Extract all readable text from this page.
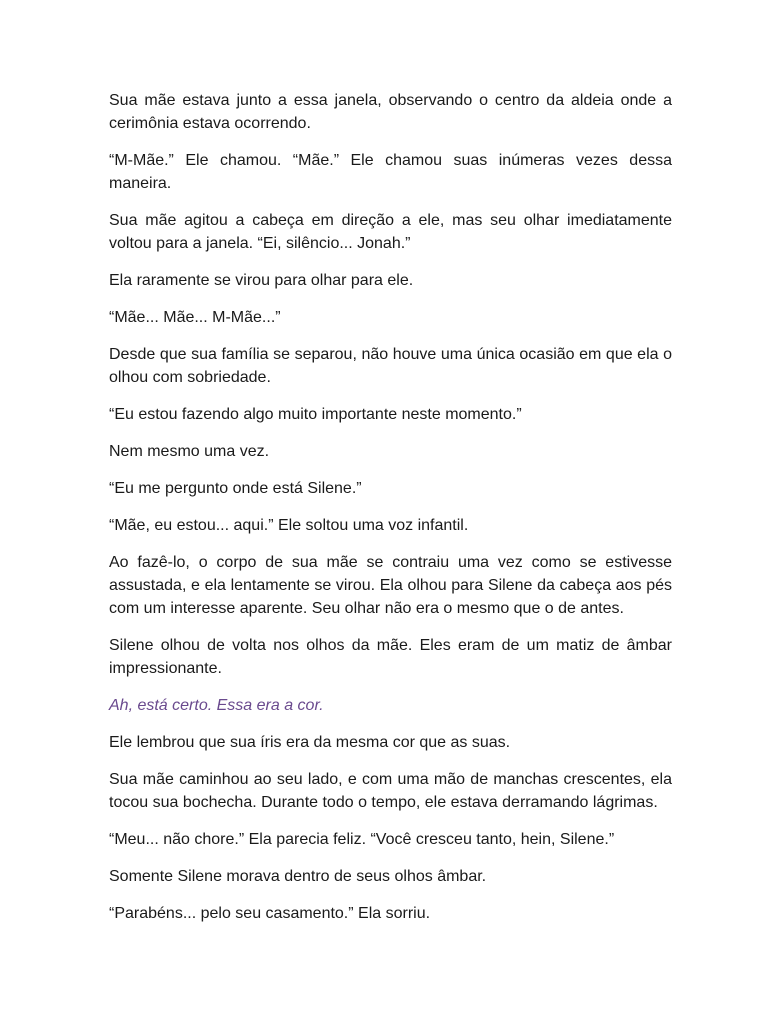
Sua mãe estava junto a essa janela, observando o centro da aldeia onde a cerimônia estava ocorrendo.

“M-Mãe.” Ele chamou. “Mãe.” Ele chamou suas inúmeras vezes dessa maneira.

Sua mãe agitou a cabeça em direção a ele, mas seu olhar imediatamente voltou para a janela. “Ei, silêncio... Jonah.”

Ela raramente se virou para olhar para ele.

“Mãe... Mãe... M-Mãe...”

Desde que sua família se separou, não houve uma única ocasião em que ela o olhou com sobriedade.

“Eu estou fazendo algo muito importante neste momento.”

Nem mesmo uma vez.

“Eu me pergunto onde está Silene.”

“Mãe, eu estou... aqui.” Ele soltou uma voz infantil.

Ao fazê-lo, o corpo de sua mãe se contraiu uma vez como se estivesse assustada, e ela lentamente se virou. Ela olhou para Silene da cabeça aos pés com um interesse aparente. Seu olhar não era o mesmo que o de antes.

Silene olhou de volta nos olhos da mãe. Eles eram de um matiz de âmbar impressionante.

Ah, está certo. Essa era a cor.

Ele lembrou que sua íris era da mesma cor que as suas.

Sua mãe caminhou ao seu lado, e com uma mão de manchas crescentes, ela tocou sua bochecha. Durante todo o tempo, ele estava derramando lágrimas.

“Meu... não chore.” Ela parecia feliz. “Você cresceu tanto, hein, Silene.”

Somente Silene morava dentro de seus olhos âmbar.

“Parabéns... pelo seu casamento.” Ela sorriu.
